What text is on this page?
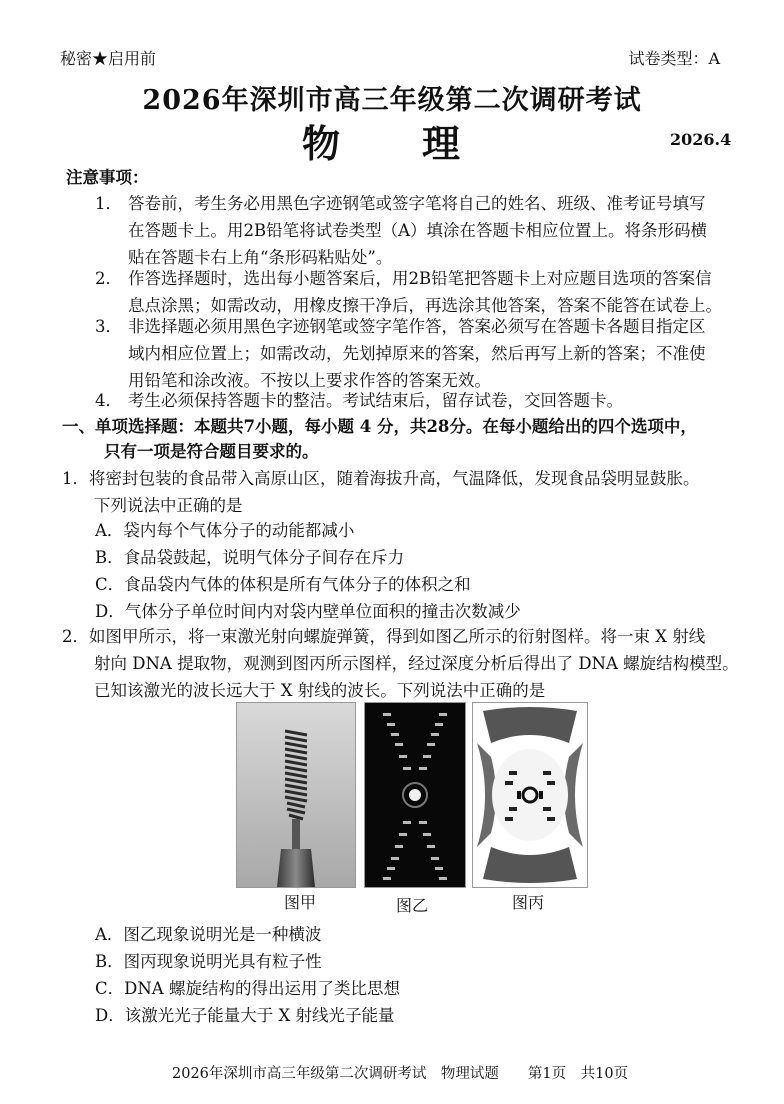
秘密★启用前	试卷类型：A
2026年深圳市高三年级第二次调研考试
物　理	2026.4
注意事项：
1． 答卷前，考生务必用黑色字迹钢笔或签字笔将自己的姓名、班级、准考证号填写
在答题卡上。用2B铅笔将试卷类型（A）填涂在答题卡相应位置上。将条形码横
贴在答题卡右上角“条形码粘贴处”。
2． 作答选择题时，选出每小题答案后，用2B铅笔把答题卡上对应题目选项的答案信
息点涂黑；如需改动，用橡皮擦干净后，再选涂其他答案，答案不能答在试卷上。
3． 非选择题必须用黑色字迹钢笔或签字笔作答，答案必须写在答题卡各题目指定区
域内相应位置上；如需改动，先划掉原来的答案，然后再写上新的答案；不准使
用铅笔和涂改液。不按以上要求作答的答案无效。
4． 考生必须保持答题卡的整洁。考试结束后，留存试卷，交回答题卡。
一、单项选择题：本题共7小题，每小题 4 分，共28分。在每小题给出的四个选项中，
只有一项是符合题目要求的。
1．将密封包装的食品带入高原山区，随着海拔升高，气温降低，发现食品袋明显鼓胀。
下列说法中正确的是
A．袋内每个气体分子的动能都减小
B．食品袋鼓起，说明气体分子间存在斥力
C．食品袋内气体的体积是所有气体分子的体积之和
D．气体分子单位时间内对袋内壁单位面积的撞击次数减少
2．如图甲所示，将一束激光射向螺旋弹簧，得到如图乙所示的衍射图样。将一束 X 射线
射向 DNA 提取物，观测到图丙所示图样，经过深度分析后得出了 DNA 螺旋结构模型。
已知该激光的波长远大于 X 射线的波长。下列说法中正确的是
图甲	图乙	图丙
A．图乙现象说明光是一种横波
B．图丙现象说明光具有粒子性
C．DNA 螺旋结构的得出运用了类比思想
D．该激光光子能量大于 X 射线光子能量
2026年深圳市高三年级第二次调研考试　物理试题　　第1页　共10页
